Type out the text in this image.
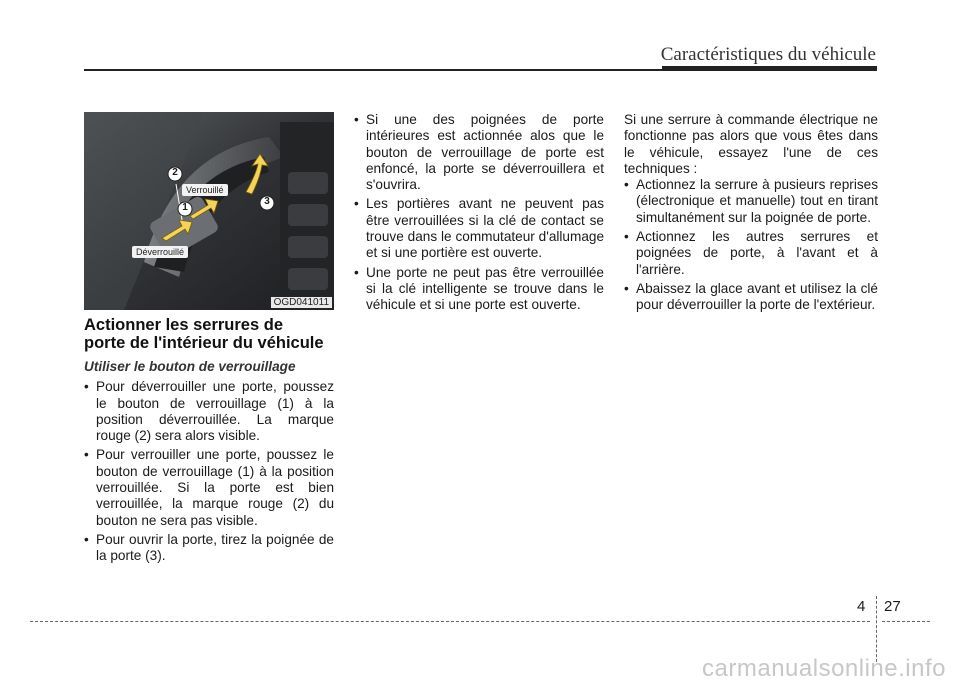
Caractéristiques du véhicule
2
1
3
Verrouillé
Déverrouillé
OGD041011
Actionner les serrures de
porte de l'intérieur du véhicule
Utiliser le bouton de verrouillage
• Pour déverrouiller une porte, poussez le bouton de verrouillage (1) à la position déverrouillée. La marque rouge (2) sera alors visible.
• Pour verrouiller une porte, poussez le bouton de verrouillage (1) à la position verrouillée. Si la porte est bien verrouillée, la marque rouge (2) du bouton ne sera pas visible.
• Pour ouvrir la porte, tirez la poignée de la porte (3).
• Si une des poignées de porte intérieures est actionnée alos que le bouton de verrouillage de porte est enfoncé, la porte se déverrouillera et s'ouvrira.
• Les portières avant ne peuvent pas être verrouillées si la clé de contact se trouve dans le commutateur d'allumage et si une portière est ouverte.
• Une porte ne peut pas être verrouillée si la clé intelligente se trouve dans le véhicule et si une porte est ouverte.

Si une serrure à commande électrique ne fonctionne pas alors que vous êtes dans le véhicule, essayez l'une de ces techniques :

• Actionnez la serrure à pusieurs reprises (électronique et manuelle) tout en tirant simultanément sur la poignée de porte.
• Actionnez les autres serrures et poignées de porte, à l'avant et à l'arrière.
• Abaissez la glace avant et utilisez la clé pour déverrouiller la porte de l'extérieur.
4 27
carmanualsonline.info
